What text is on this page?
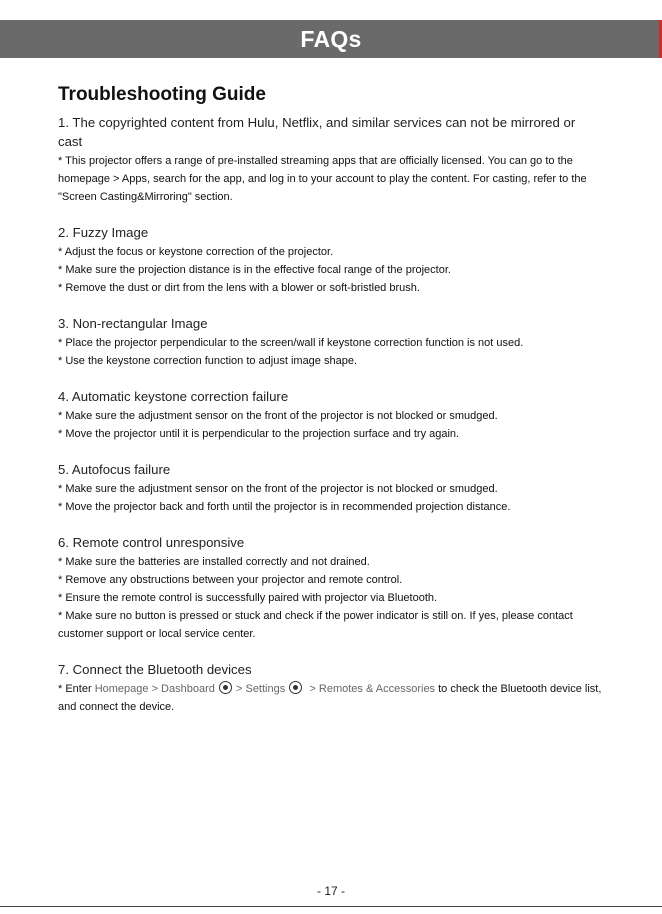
FAQs
Troubleshooting Guide

1. The copyrighted content from Hulu, Netflix, and similar services can not be mirrored or cast

* This projector offers a range of pre-installed streaming apps that are officially licensed. You can go to the homepage > Apps, search for the app, and log in to your account to play the content. For casting, refer to the "Screen Casting&Mirroring" section.

2. Fuzzy Image

* Adjust the focus or keystone correction of the projector.

* Make sure the projection distance is in the effective focal range of the projector.

* Remove the dust or dirt from the lens with a blower or soft-bristled brush.

3. Non-rectangular Image

* Place the projector perpendicular to the screen/wall if keystone correction function is not used.

* Use the keystone correction function to adjust image shape.

4. Automatic keystone correction failure

* Make sure the adjustment sensor on the front of the projector is not blocked or smudged.

* Move the projector until it is perpendicular to the projection surface and try again.

5. Autofocus failure

* Make sure the adjustment sensor on the front of the projector is not blocked or smudged.

* Move the projector back and forth until the projector is in recommended projection distance.

6. Remote control unresponsive

* Make sure the batteries are installed correctly and not drained.

* Remove any obstructions between your projector and remote control.

* Ensure the remote control is successfully paired with projector via Bluetooth.

* Make sure no button is pressed or stuck and check if the power indicator is still on. If yes, please contact customer support or local service center.

7. Connect the Bluetooth devices

* Enter Homepage > Dashboard > Settings > Remotes & Accessories to check the Bluetooth device list, and connect the device.

- 17 -
